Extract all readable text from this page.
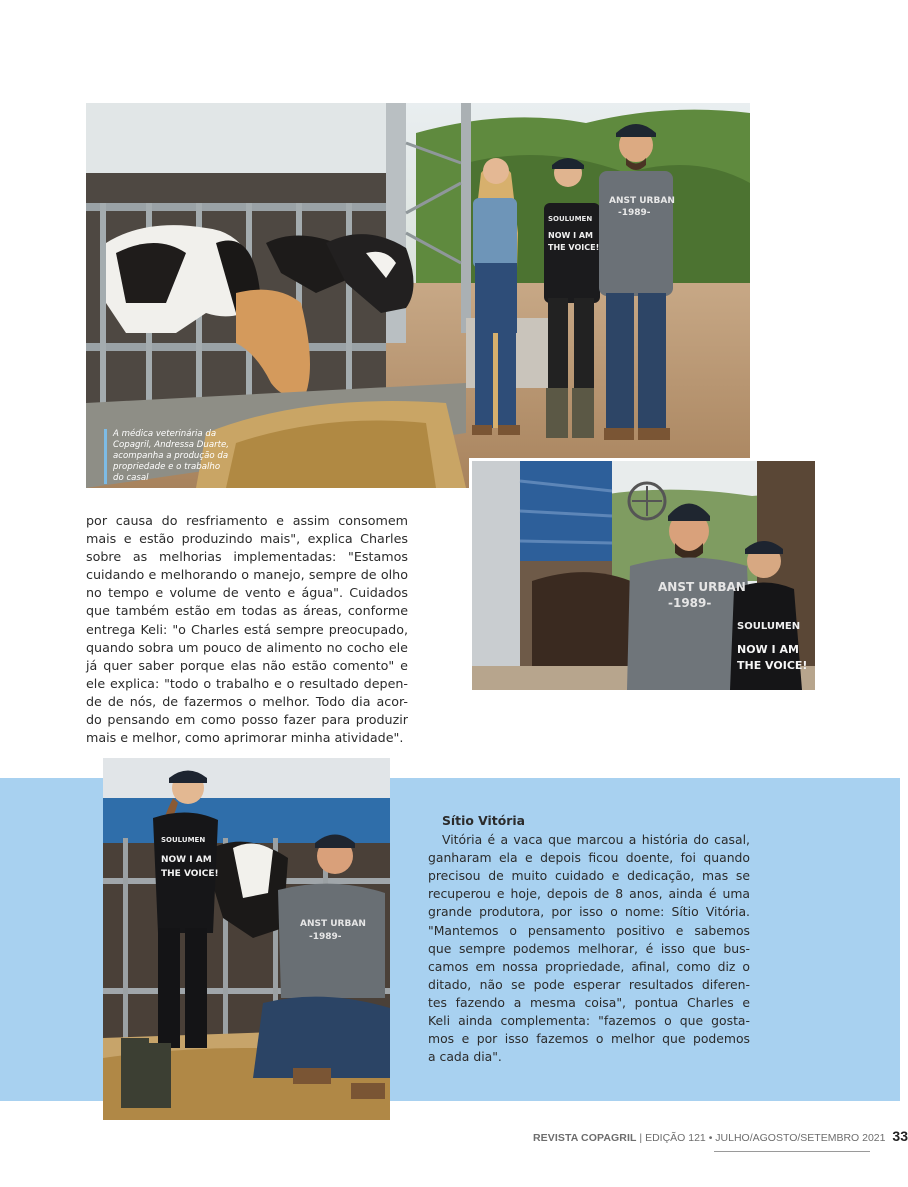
ANST URBAN
-1989-
SOULUMEN
NOW I AM
THE VOICE!
A médica veterinária da
Copagril, Andressa Duarte,
acompanha a produção da
propriedade e o trabalho
do casal
ANST URBAN
-1989-
SOULUMEN
NOW I AM
THE VOICE!
por causa do resfriamento e assim consomem
mais e estão produzindo mais", explica Charles
sobre as melhorias implementadas: "Estamos
cuidando e melhorando o manejo, sempre de olho
no tempo e volume de vento e água". Cuidados
que também estão em todas as áreas, conforme
entrega Keli: "o Charles está sempre preocupado,
quando sobra um pouco de alimento no cocho ele
já quer saber porque elas não estão comento" e
ele explica: "todo o trabalho e o resultado depen-
de de nós, de fazermos o melhor. Todo dia acor-
do pensando em como posso fazer para produzir
mais e melhor, como aprimorar minha atividade".
ANST URBAN
-1989-
SOULUMEN
NOW I AM
THE VOICE!
Sítio Vitória
Vitória é a vaca que marcou a história do casal,
ganharam ela e depois ficou doente, foi quando
precisou de muito cuidado e dedicação, mas se
recuperou e hoje, depois de 8 anos, ainda é uma
grande produtora, por isso o nome: Sítio Vitória.
"Mantemos o pensamento positivo e sabemos
que sempre podemos melhorar, é isso que bus-
camos em nossa propriedade, afinal, como diz o
ditado, não se pode esperar resultados diferen-
tes fazendo a mesma coisa", pontua Charles e
Keli ainda complementa: "fazemos o que gosta-
mos e por isso fazemos o melhor que podemos
a cada dia".
REVISTA COPAGRIL | EDIÇÃO 121 • JULHO/AGOSTO/SETEMBRO 2021 33
